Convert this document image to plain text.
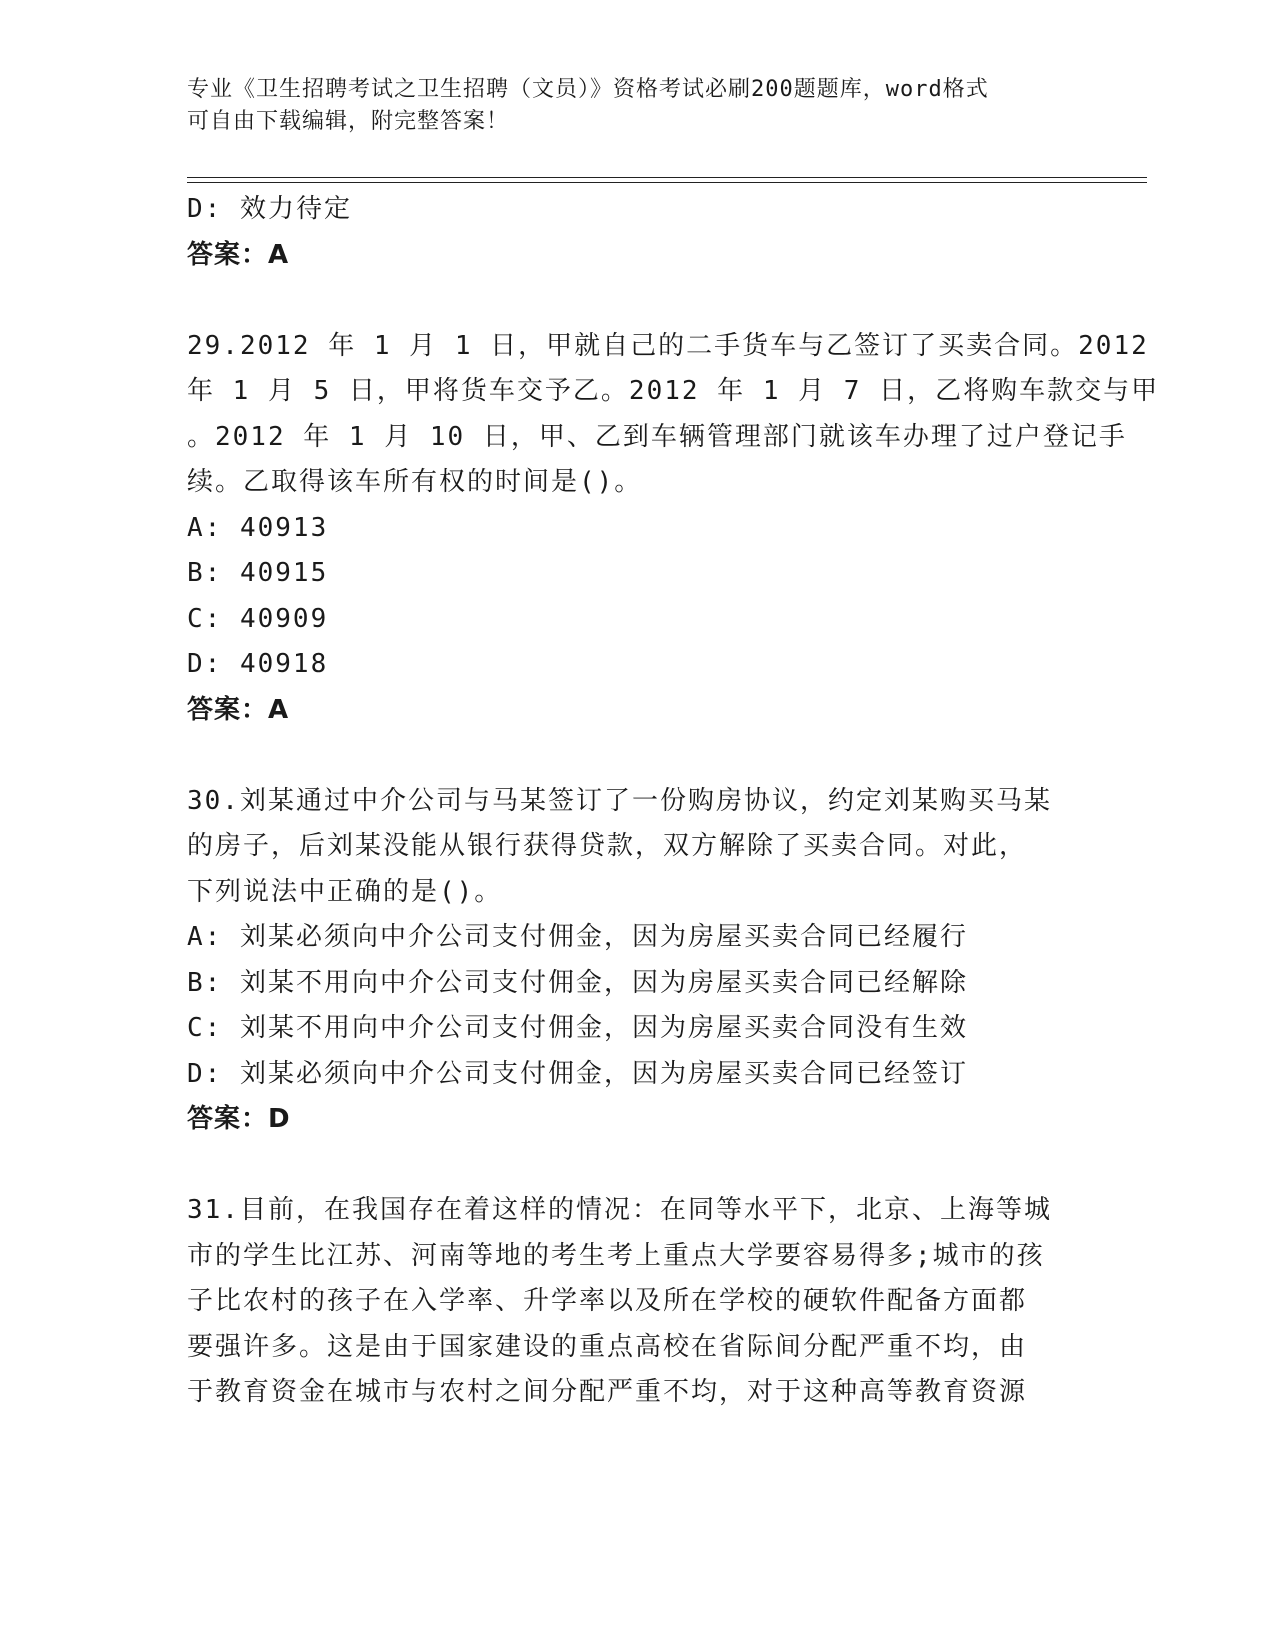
专业《卫生招聘考试之卫生招聘（文员）》资格考试必刷200题题库，word格式
可自由下载编辑，附完整答案！
D: 效力待定
答案：A
29.2012 年 1 月 1 日，甲就自己的二手货车与乙签订了买卖合同。2012
年 1 月 5 日，甲将货车交予乙。2012 年 1 月 7 日，乙将购车款交与甲
。2012 年 1 月 10 日，甲、乙到车辆管理部门就该车办理了过户登记手
续。乙取得该车所有权的时间是()。
A: 40913
B: 40915
C: 40909
D: 40918
答案：A
30.刘某通过中介公司与马某签订了一份购房协议，约定刘某购买马某
的房子，后刘某没能从银行获得贷款，双方解除了买卖合同。对此，
下列说法中正确的是()。
A: 刘某必须向中介公司支付佣金，因为房屋买卖合同已经履行
B: 刘某不用向中介公司支付佣金，因为房屋买卖合同已经解除
C: 刘某不用向中介公司支付佣金，因为房屋买卖合同没有生效
D: 刘某必须向中介公司支付佣金，因为房屋买卖合同已经签订
答案：D
31.目前，在我国存在着这样的情况：在同等水平下，北京、上海等城
市的学生比江苏、河南等地的考生考上重点大学要容易得多;城市的孩
子比农村的孩子在入学率、升学率以及所在学校的硬软件配备方面都
要强许多。这是由于国家建设的重点高校在省际间分配严重不均，由
于教育资金在城市与农村之间分配严重不均，对于这种高等教育资源
